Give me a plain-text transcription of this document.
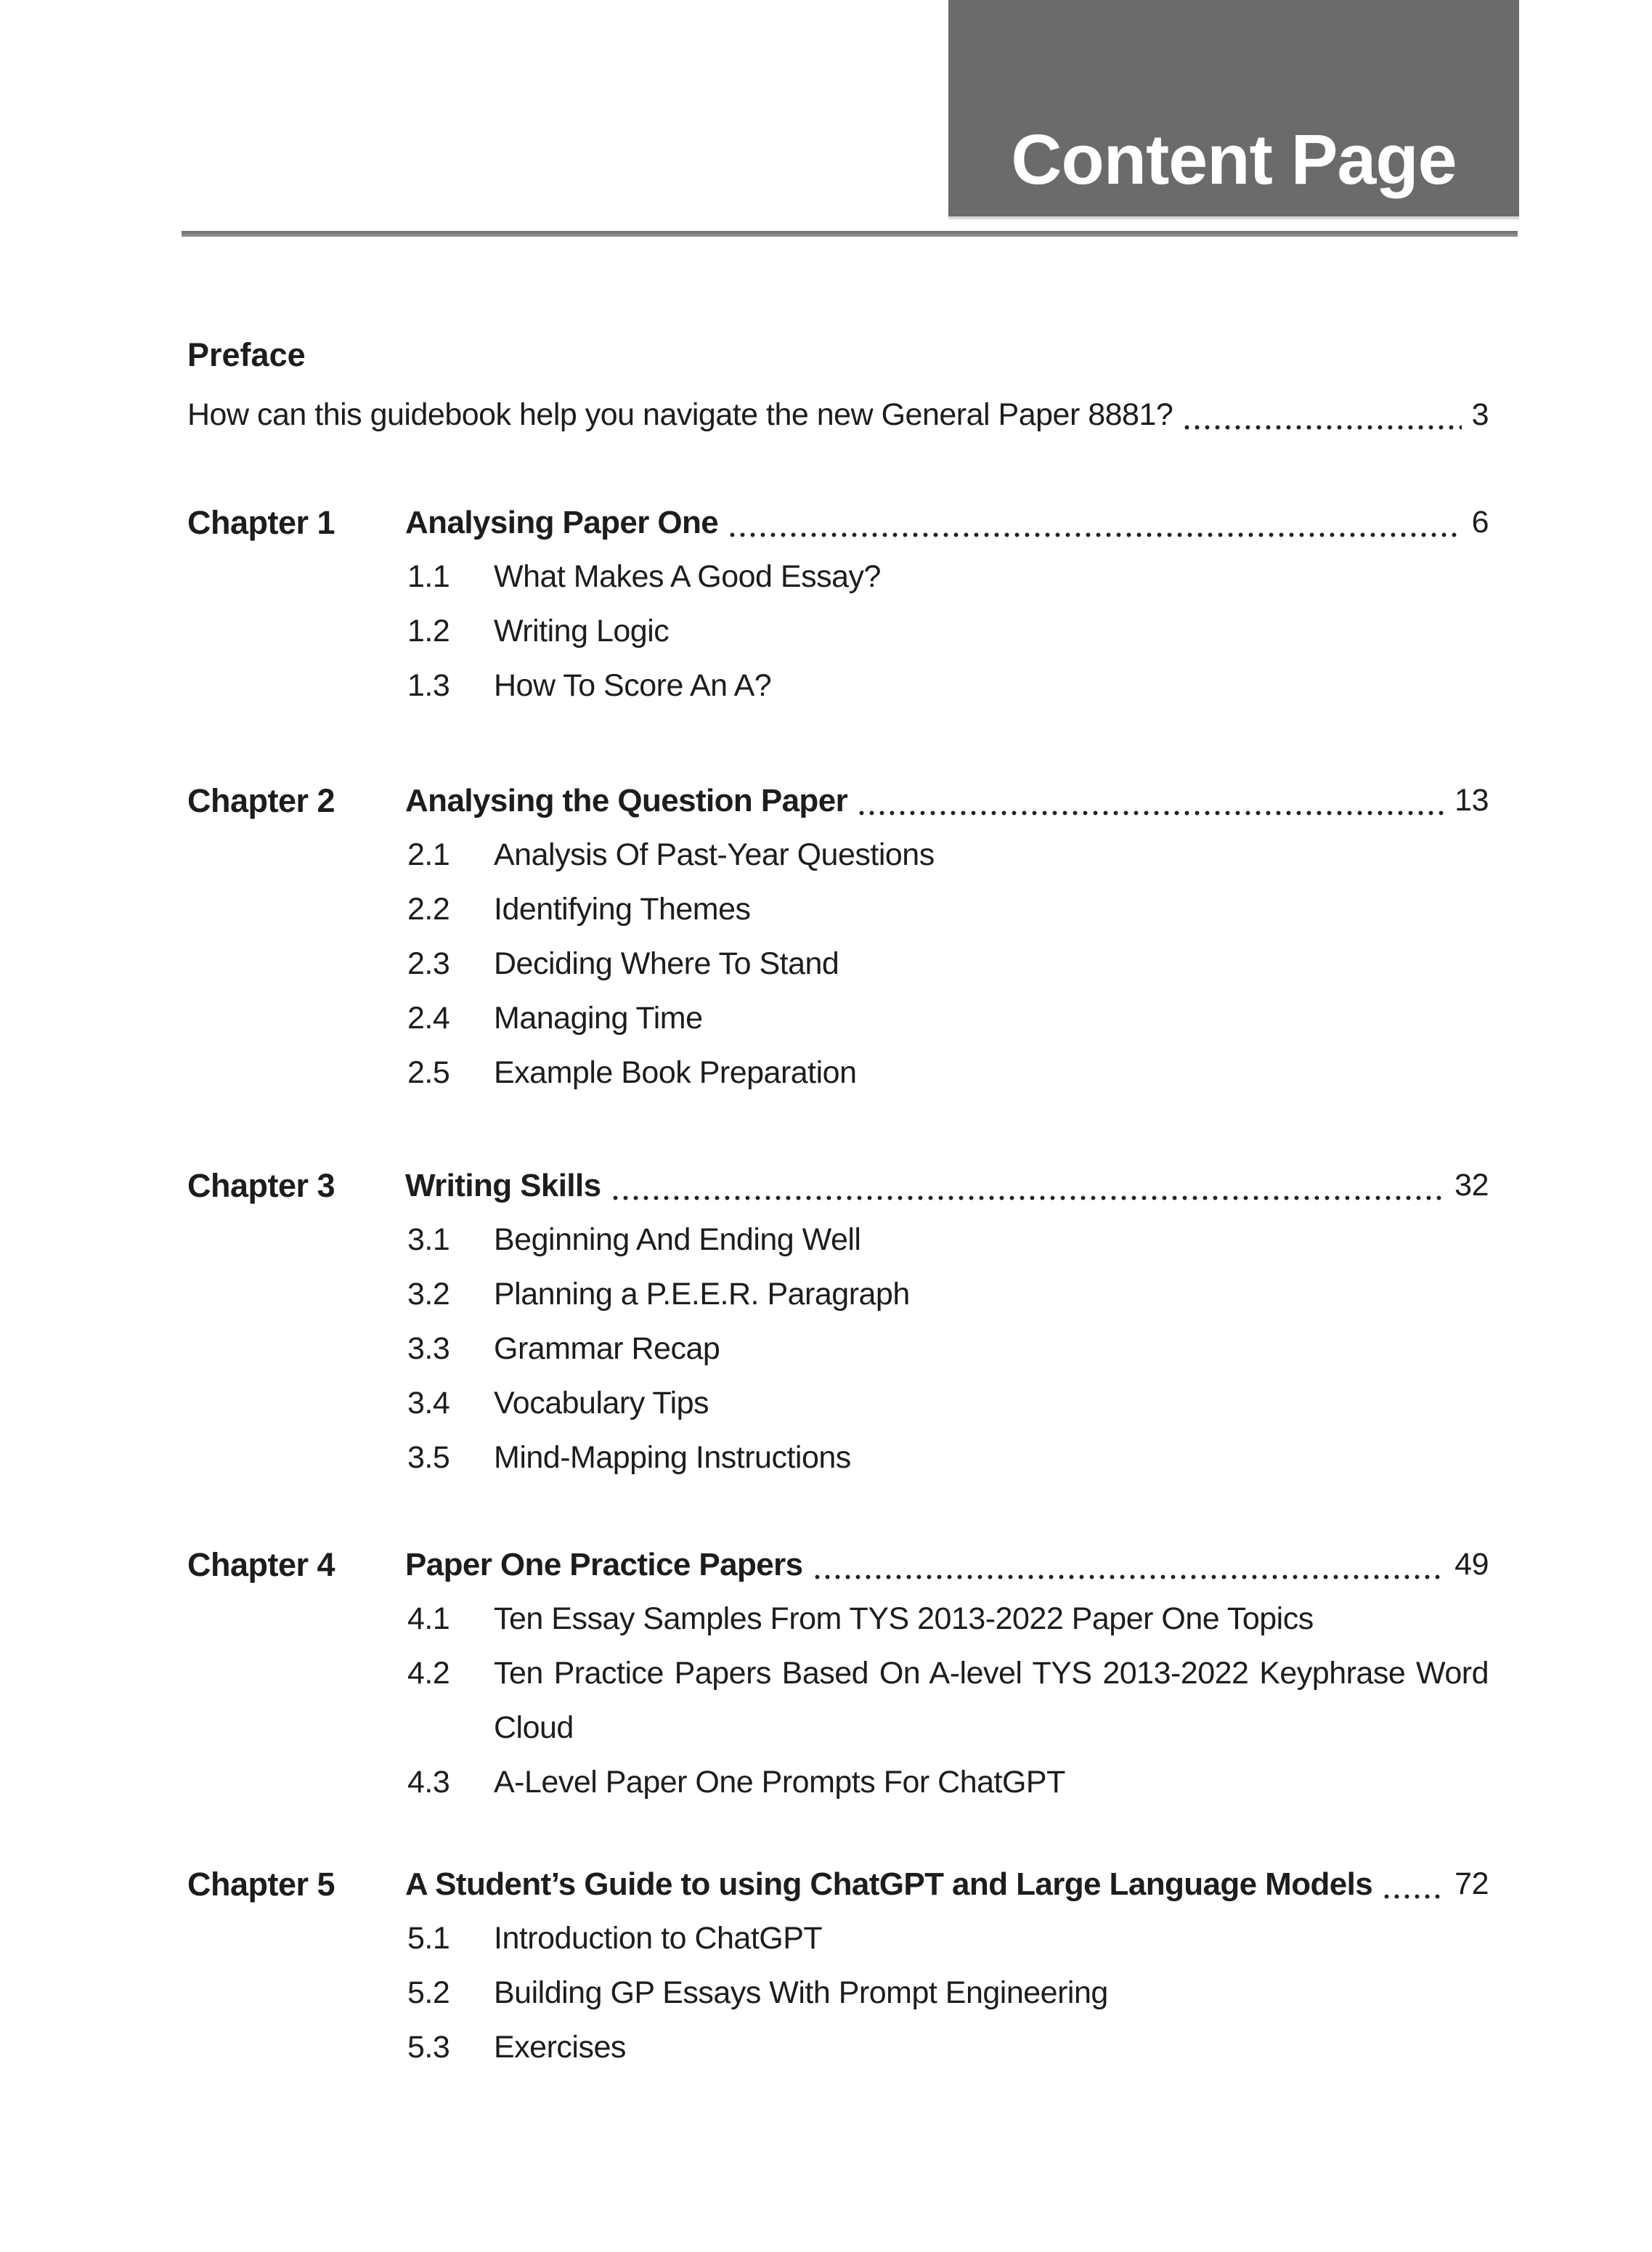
Content Page
Preface
How can this guidebook help you navigate the new General Paper 8881?	3
Chapter 1	Analysing Paper One	6
1.1	What Makes A Good Essay?
1.2	Writing Logic
1.3	How To Score An A?
Chapter 2	Analysing the Question Paper	13
2.1	Analysis Of Past-Year Questions
2.2	Identifying Themes
2.3	Deciding Where To Stand
2.4	Managing Time
2.5	Example Book Preparation
Chapter 3	Writing Skills	32
3.1	Beginning And Ending Well
3.2	Planning a P.E.E.R. Paragraph
3.3	Grammar Recap
3.4	Vocabulary Tips
3.5	Mind-Mapping Instructions
Chapter 4	Paper One Practice Papers	49
4.1	Ten Essay Samples From TYS 2013-2022 Paper One Topics
4.2	Ten Practice Papers Based On A-level TYS 2013-2022 Keyphrase Word Cloud
4.3	A-Level Paper One Prompts For ChatGPT
Chapter 5	A Student’s Guide to using ChatGPT and Large Language Models	72
5.1	Introduction to ChatGPT
5.2	Building GP Essays With Prompt Engineering
5.3	Exercises
